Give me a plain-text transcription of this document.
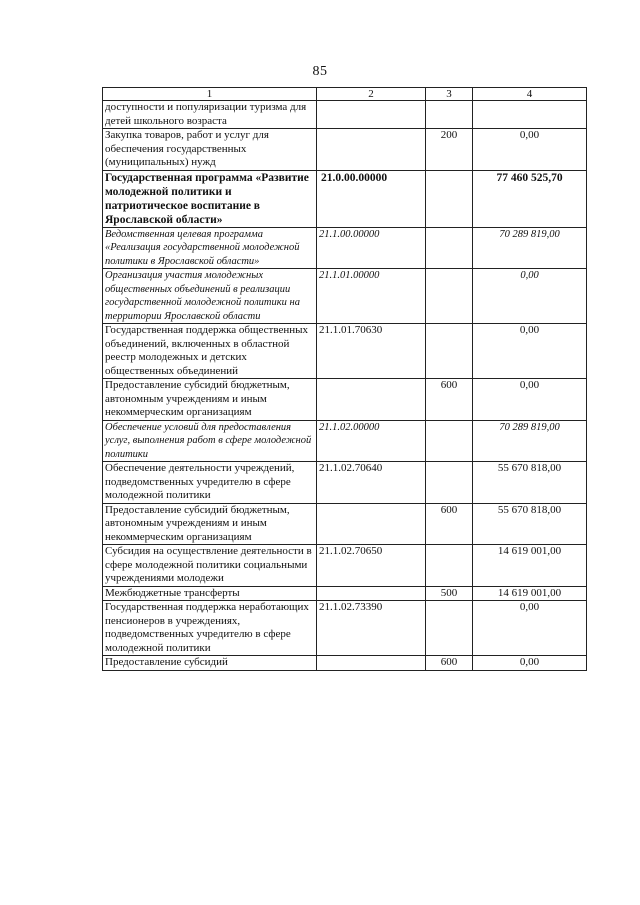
85
1	2	3	4
доступности и популяризации туризма для детей школьного возраста			
Закупка товаров, работ и услуг для обеспечения государственных (муниципальных) нужд		200	0,00
Государственная программа «Развитие молодежной политики и патриотическое воспитание в Ярославской области»	21.0.00.00000		77 460 525,70
Ведомственная целевая программа «Реализация государственной молодежной политики в Ярославской области»	21.1.00.00000		70 289 819,00
Организация участия молодежных общественных объединений в реализации государственной молодежной политики на территории Ярославской области	21.1.01.00000		0,00
Государственная поддержка общественных объединений, включенных в областной реестр молодежных и детских общественных объединений	21.1.01.70630		0,00
Предоставление субсидий бюджетным, автономным учреждениям и иным некоммерческим организациям		600	0,00
Обеспечение условий для предоставления услуг, выполнения работ в сфере молодежной политики	21.1.02.00000		70 289 819,00
Обеспечение деятельности учреждений, подведомственных учредителю в сфере молодежной политики	21.1.02.70640		55 670 818,00
Предоставление субсидий бюджетным, автономным учреждениям и иным некоммерческим организациям		600	55 670 818,00
Субсидия на осуществление деятельности в сфере молодежной политики социальными учреждениями молодежи	21.1.02.70650		14 619 001,00
Межбюджетные трансферты		500	14 619 001,00
Государственная поддержка неработающих пенсионеров в учреждениях, подведомственных учредителю в сфере молодежной политики	21.1.02.73390		0,00
Предоставление субсидий		600	0,00
